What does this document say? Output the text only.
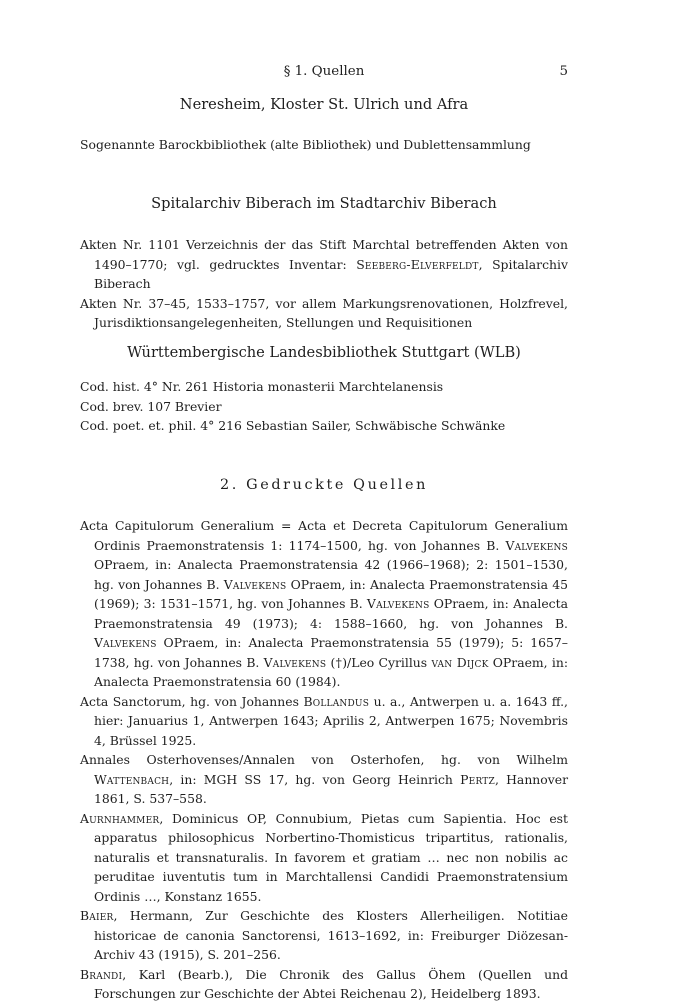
§ 1. Quellen	5
Neresheim, Kloster St. Ulrich und Afra

Sogenannte Barockbibliothek (alte Bibliothek) und Dublettensammlung

Spitalarchiv Biberach im Stadtarchiv Biberach

Akten Nr. 1101 Verzeichnis der das Stift Marchtal betreffenden Akten von 1490–1770; vgl. gedrucktes Inventar: Seeberg-Elverfeldt, Spitalarchiv Biberach

Akten Nr. 37–45, 1533–1757, vor allem Markungsrenovationen, Holzfrevel, Jurisdiktionsangelegenheiten, Stellungen und Requisitionen

Württembergische Landesbibliothek Stuttgart (WLB)

Cod. hist. 4° Nr. 261 Historia monasterii Marchtelanensis

Cod. brev. 107 Brevier

Cod. poet. et. phil. 4° 216 Sebastian Sailer, Schwäbische Schwänke

2. Gedruckte Quellen

Acta Capitulorum Generalium = Acta et Decreta Capitulorum Generalium Ordinis Praemonstratensis 1: 1174–1500, hg. von Johannes B. Valvekens OPraem, in: Analecta Praemonstratensia 42 (1966–1968); 2: 1501–1530, hg. von Johannes B. Valvekens OPraem, in: Analecta Praemonstratensia 45 (1969); 3: 1531–1571, hg. von Johannes B. Valvekens OPraem, in: Analecta Praemonstratensia 49 (1973); 4: 1588–1660, hg. von Johannes B. Valvekens OPraem, in: Analecta Praemonstratensia 55 (1979); 5: 1657–1738, hg. von Johannes B. Valvekens (†)/Leo Cyrillus van Dijck OPraem, in: Analecta Praemonstratensia 60 (1984).

Acta Sanctorum, hg. von Johannes Bollandus u. a., Antwerpen u. a. 1643 ff., hier: Januarius 1, Antwerpen 1643; Aprilis 2, Antwerpen 1675; Novembris 4, Brüssel 1925.

Annales Osterhovenses/Annalen von Osterhofen, hg. von Wilhelm Wattenbach, in: MGH SS 17, hg. von Georg Heinrich Pertz, Hannover 1861, S. 537–558.

Aurnhammer, Dominicus OP, Connubium, Pietas cum Sapientia. Hoc est apparatus philosophicus Norbertino-Thomisticus tripartitus, rationalis, naturalis et transnaturalis. In favorem et gratiam … nec non nobilis ac peruditae iuventutis tum in Marchtallensi Candidi Praemonstratensium Ordinis …, Konstanz 1655.

Baier, Hermann, Zur Geschichte des Klosters Allerheiligen. Notitiae historicae de canonia Sanctorensi, 1613–1692, in: Freiburger Diözesan-Archiv 43 (1915), S. 201–256.

Brandi, Karl (Bearb.), Die Chronik des Gallus Öhem (Quellen und Forschungen zur Geschichte der Abtei Reichenau 2), Heidelberg 1893.
